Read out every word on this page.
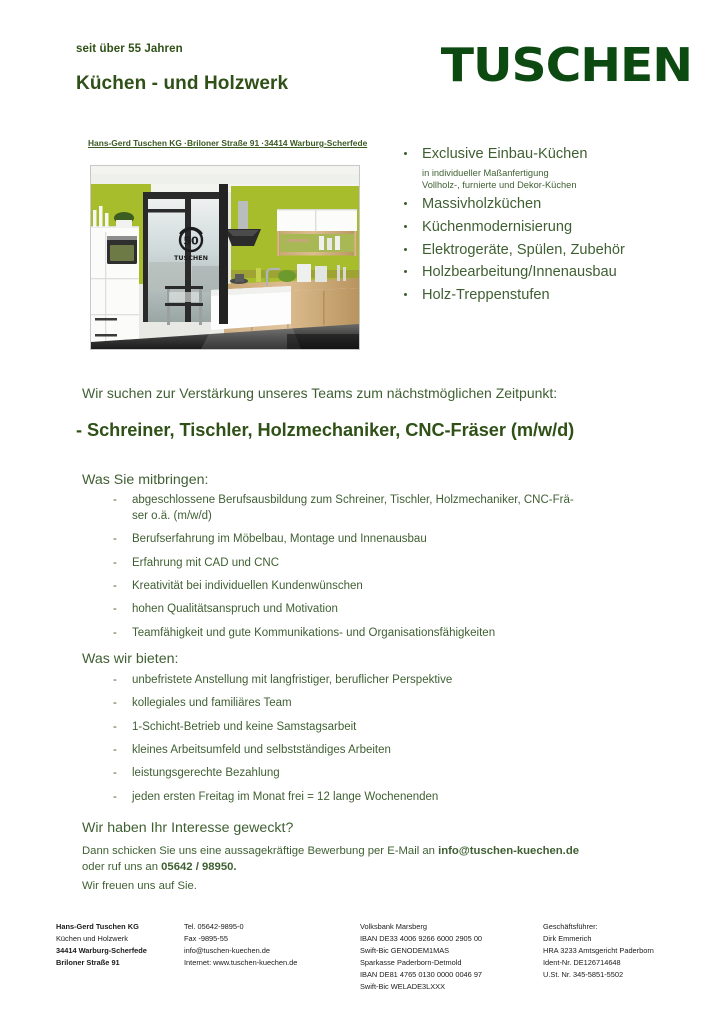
seit über 55 Jahren
Küchen - und Holzwerk	TUSCHEN
Hans-Gerd Tuschen KG ·Briloner Straße 91 ·34414 Warburg-Scherfede
50
TUSCHEN
Exclusive Einbau-Küchen
in individueller Maßanfertigung
Vollholz-, furnierte und Dekor-Küchen
Massivholzküchen
Küchenmodernisierung
Elektrogeräte, Spülen, Zubehör
Holzbearbeitung/Innenausbau
Holz-Treppenstufen
Wir suchen zur Verstärkung unseres Teams zum nächstmöglichen Zeitpunkt:
- Schreiner, Tischler, Holzmechaniker, CNC-Fräser (m/w/d)
Was Sie mitbringen:
- abgeschlossene Berufsausbildung zum Schreiner, Tischler, Holzmechaniker, CNC-Frä-
ser o.ä. (m/w/d)
- Berufserfahrung im Möbelbau, Montage und Innenausbau
- Erfahrung mit CAD und CNC
- Kreativität bei individuellen Kundenwünschen
- hohen Qualitätsanspruch und Motivation
- Teamfähigkeit und gute Kommunikations- und Organisationsfähigkeiten
Was wir bieten:
- unbefristete Anstellung mit langfristiger, beruflicher Perspektive
- kollegiales und familiäres Team
- 1-Schicht-Betrieb und keine Samstagsarbeit
- kleines Arbeitsumfeld und selbstständiges Arbeiten
- leistungsgerechte Bezahlung
- jeden ersten Freitag im Monat frei = 12 lange Wochenenden
Wir haben Ihr Interesse geweckt?
Dann schicken Sie uns eine aussagekräftige Bewerbung per E-Mail an info@tuschen-kuechen.de
oder ruf uns an 05642 / 98950.
Wir freuen uns auf Sie.
Hans-Gerd Tuschen KG
Küchen und Holzwerk
34414 Warburg-Scherfede
Briloner Straße 91
Tel. 05642-9895-0
Fax -9895-55
info@tuschen-kuechen.de
Internet: www.tuschen-kuechen.de
Volksbank Marsberg
IBAN DE33 4006 9266 6000 2905 00
Swift-Bic GENODEM1MAS
Sparkasse Paderborn-Detmold
IBAN DE81 4765 0130 0000 0046 97
Swift-Bic WELADE3LXXX
Geschäftsführer:
Dirk Emmerich
HRA 3233 Amtsgericht Paderborn
Ident-Nr. DE126714648
U.St. Nr. 345-5851-5502
